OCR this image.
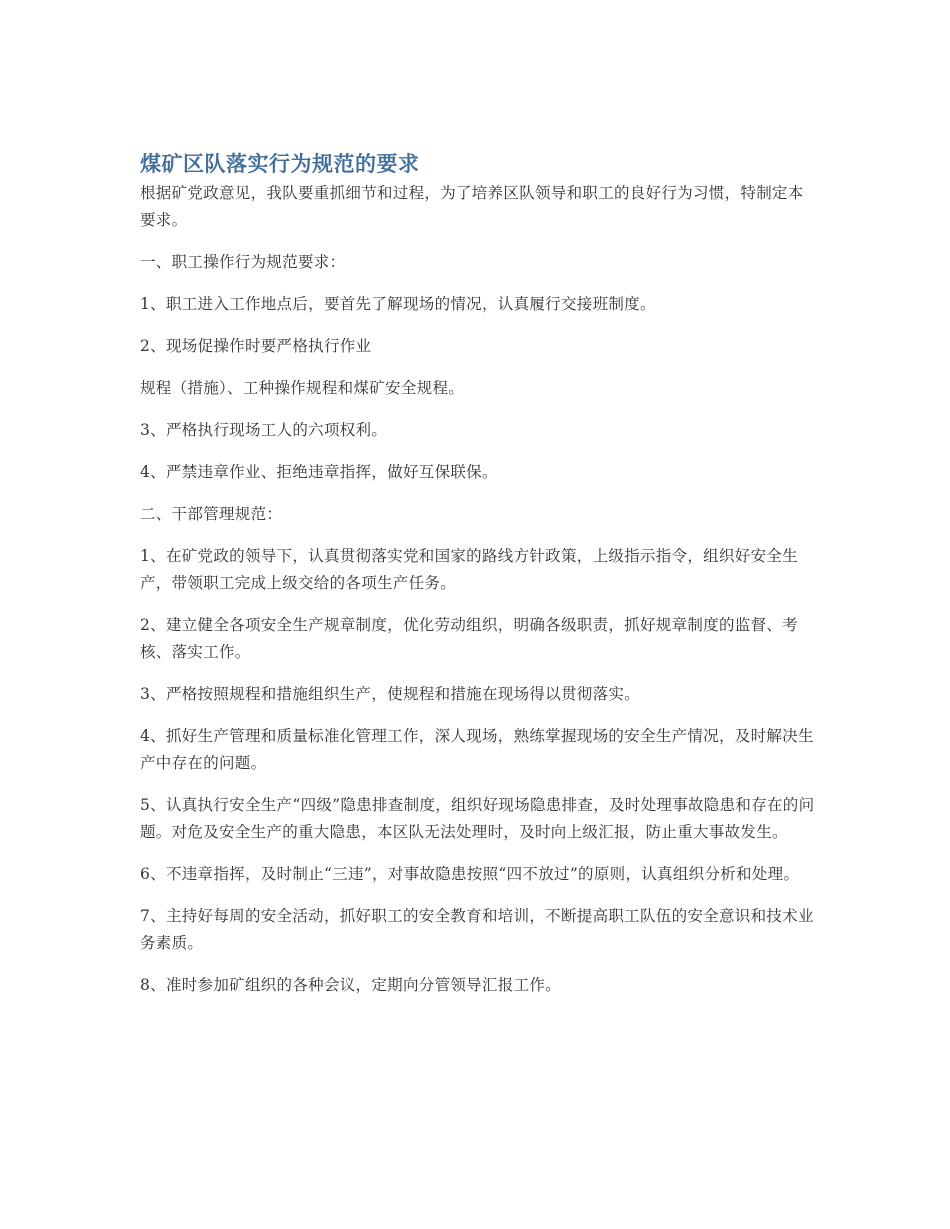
煤矿区队落实行为规范的要求

根据矿党政意见，我队要重抓细节和过程，为了培养区队领导和职工的良好行为习惯，特制定本要求。

一、职工操作行为规范要求：

1、职工进入工作地点后，要首先了解现场的情况，认真履行交接班制度。

2、现场促操作时要严格执行作业

规程（措施）、工种操作规程和煤矿安全规程。

3、严格执行现场工人的六项权利。

4、严禁违章作业、拒绝违章指挥，做好互保联保。

二、干部管理规范：

1、在矿党政的领导下，认真贯彻落实党和国家的路线方针政策，上级指示指令，组织好安全生产，带领职工完成上级交给的各项生产任务。

2、建立健全各项安全生产规章制度，优化劳动组织，明确各级职责，抓好规章制度的监督、考核、落实工作。

3、严格按照规程和措施组织生产，使规程和措施在现场得以贯彻落实。

4、抓好生产管理和质量标准化管理工作，深人现场，熟练掌握现场的安全生产情况，及时解决生产中存在的问题。

5、认真执行安全生产“四级”隐患排查制度，组织好现场隐患排查，及时处理事故隐患和存在的问题。对危及安全生产的重大隐患，本区队无法处理时，及时向上级汇报，防止重大事故发生。

6、不违章指挥，及时制止“三违”，对事故隐患按照“四不放过”的原则，认真组织分析和处理。

7、主持好每周的安全活动，抓好职工的安全教育和培训，不断提高职工队伍的安全意识和技术业务素质。

8、准时参加矿组织的各种会议，定期向分管领导汇报工作。
